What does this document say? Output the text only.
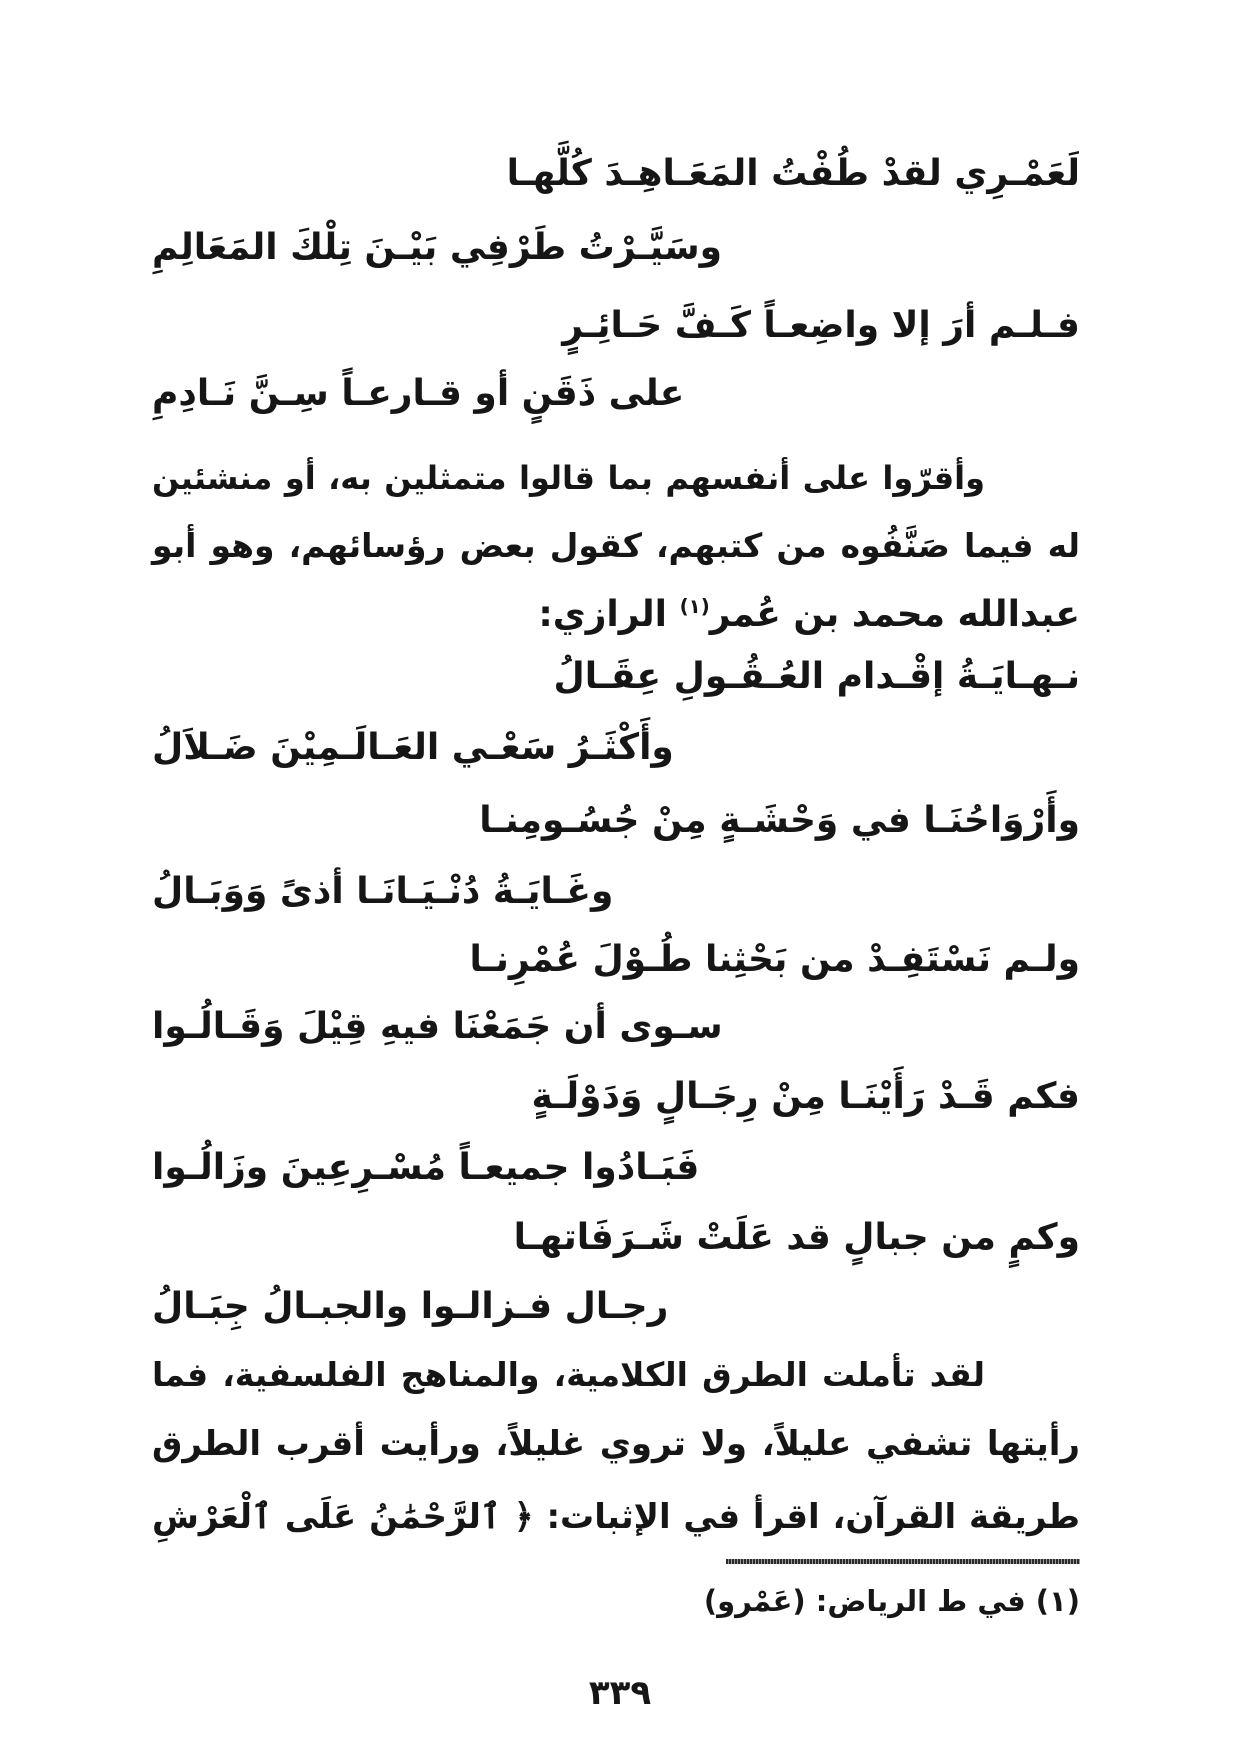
لَعَمْـرِي لقدْ طُفْتُ المَعَـاهِـدَ كُلَّهـا
وسَيَّـرْتُ طَرْفِي بَيْـنَ تِلْكَ المَعَالِمِ
فـلـم أرَ إلا واضِعـاً كَـفَّ حَـائِـرٍ
على ذَقَنٍ أو قـارعـاً سِـنَّ نَـادِمِ
وأقرّوا على أنفسهم بما قالوا متمثلين به، أو منشئين
له فيما صَنَّفُوه من كتبهم، كقول بعض رؤسائهم، وهو أبو
عبدالله محمد بن عُمر$^{(١)}$ الرازي:
نـهـايَـةُ إقْـدام العُـقُـولِ عِقَـالُ
وأَكْثَـرُ سَعْـي العَـالَـمِيْنَ ضَـلاَلُ
وأَرْوَاحُنَـا في وَحْشَـةٍ مِنْ جُسُـومِنـا
وغَـايَـةُ دُنْـيَـانَـا أذىً وَوَبَـالُ
ولـم نَسْتَفِـدْ من بَحْثِنا طُـوْلَ عُمْرِنـا
سـوى أن جَمَعْنَا فيهِ قِيْلَ وَقَـالُـوا
فكم قَـدْ رَأَيْنَـا مِنْ رِجَـالٍ وَدَوْلَـةٍ
فَبَـادُوا جميعـاً مُسْـرِعِينَ وزَالُـوا
وكمٍ من جبالٍ قد عَلَتْ شَـرَفَاتهـا
رجـال فـزالـوا والجبـالُ جِبَـالُ
لقد تأملت الطرق الكلامية، والمناهج الفلسفية، فما
رأيتها تشفي عليلاً، ولا تروي غليلاً، ورأيت أقرب الطرق
طريقة القرآن، اقرأ في الإثبات: ﴿ ٱلرَّحْمَٰنُ عَلَى ٱلْعَرْشِ
(١) في ط الرياض: (عَمْرو)
٣٣٩
